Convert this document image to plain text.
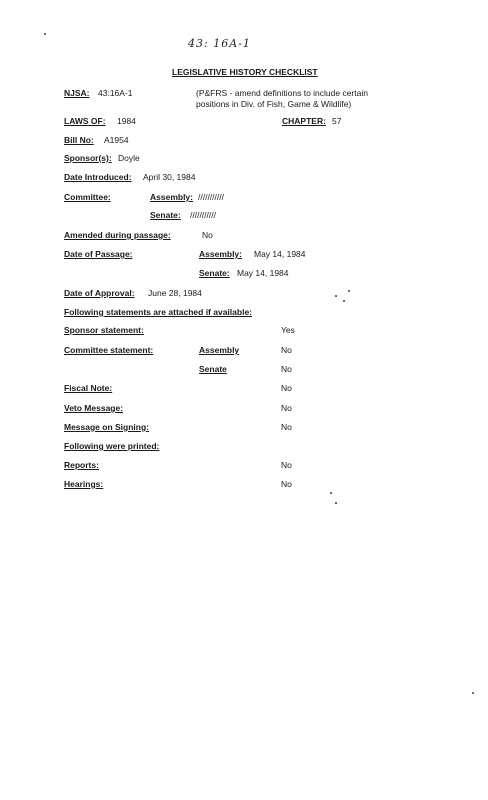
43: 16A-1
LEGISLATIVE HISTORY CHECKLIST
NJSA: 43:16A-1	(P&FRS - amend definitions to include certain
positions in Div. of Fish, Game & Wildlife)
LAWS OF: 1984	CHAPTER: 57
Bill No: A1954
Sponsor(s): Doyle
Date Introduced: April 30, 1984
Committee:	Assembly: ///////////
Senate: ///////////
Amended during passage:	No
Date of Passage:	Assembly: May 14, 1984
Senate: May 14, 1984
Date of Approval: June 28, 1984
Following statements are attached if available:
Sponsor statement:	Yes
Committee statement:	Assembly	No
Senate	No
Fiscal Note:	No
Veto Message:	No
Message on Signing:	No
Following were printed:
Reports:	No
Hearings:	No
